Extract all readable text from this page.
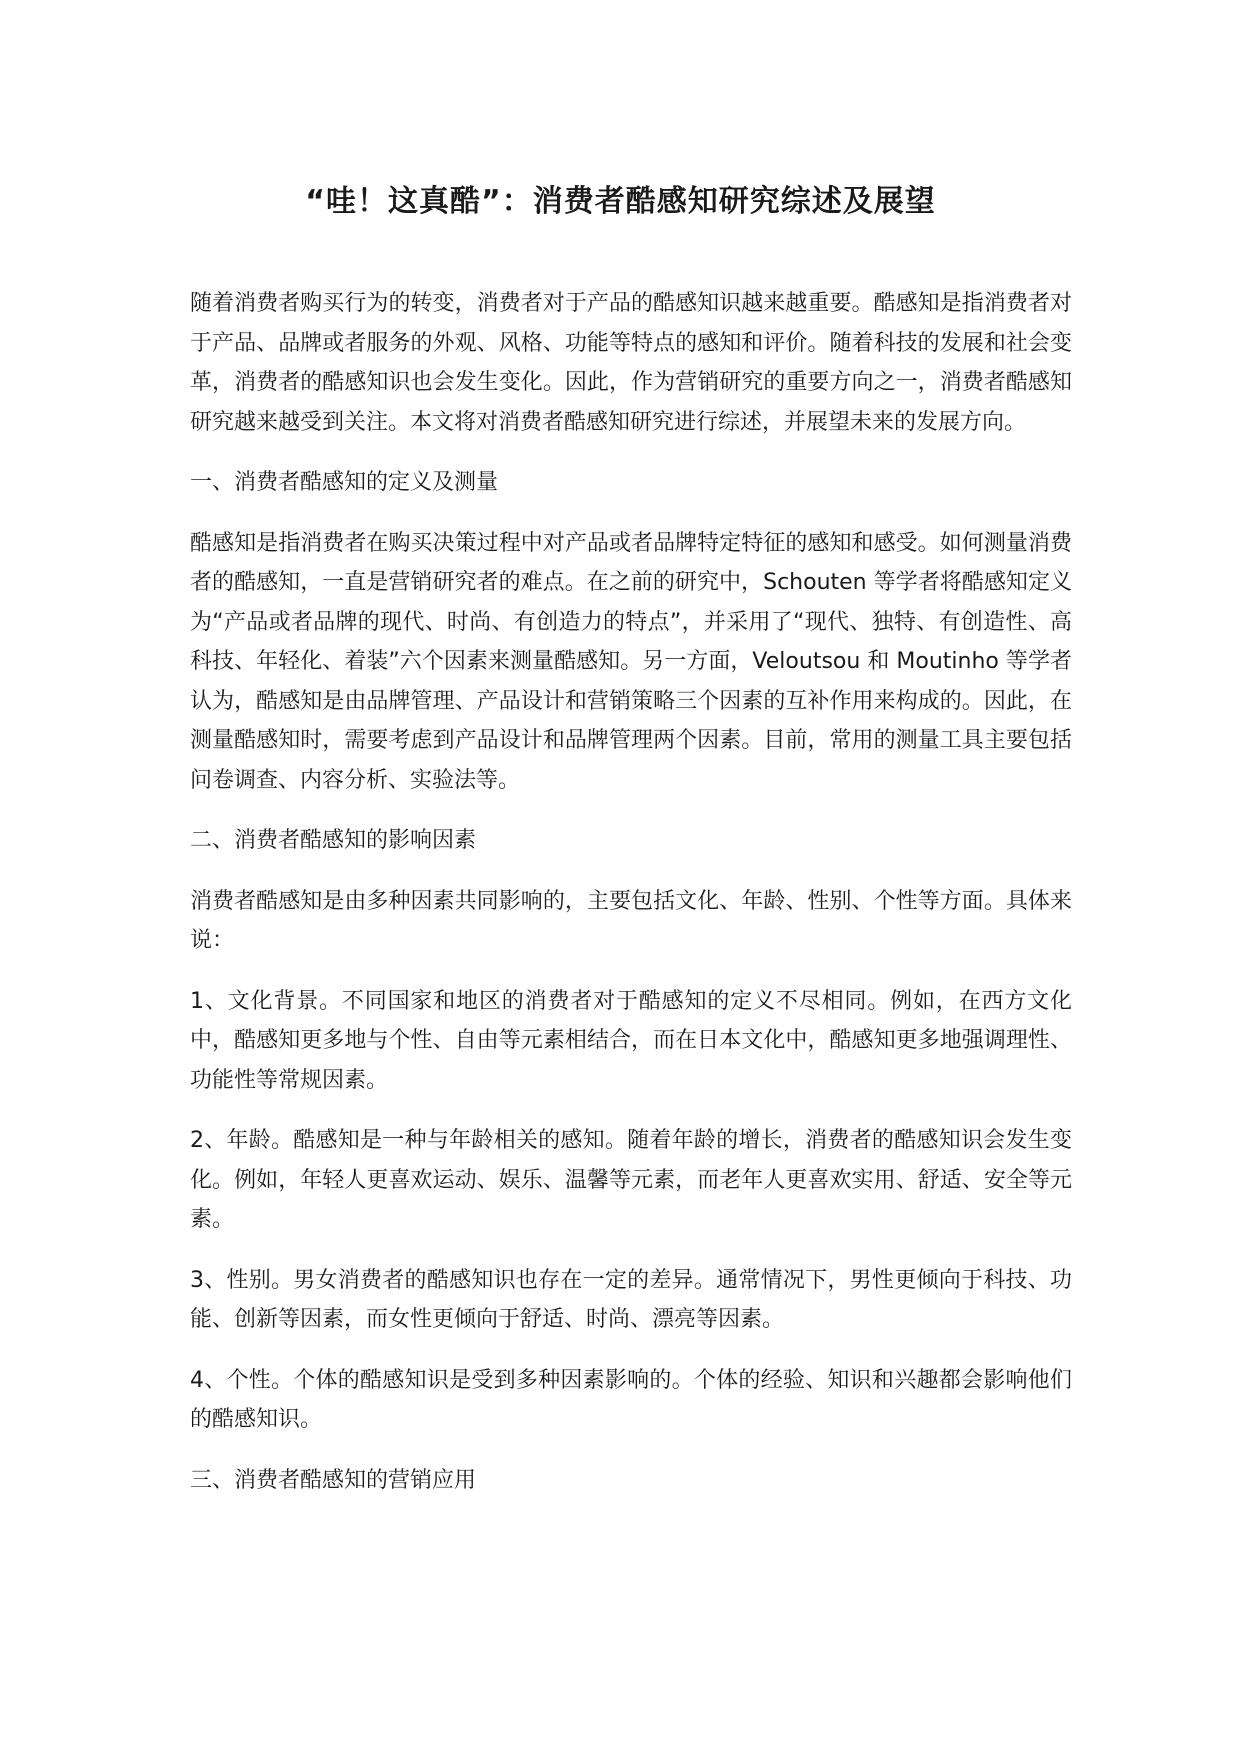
“哇！这真酷”：消费者酷感知研究综述及展望

随着消费者购买行为的转变，消费者对于产品的酷感知识越来越重要。酷感知是指消费者对于产品、品牌或者服务的外观、风格、功能等特点的感知和评价。随着科技的发展和社会变革，消费者的酷感知识也会发生变化。因此，作为营销研究的重要方向之一，消费者酷感知研究越来越受到关注。本文将对消费者酷感知研究进行综述，并展望未来的发展方向。

一、消费者酷感知的定义及测量

酷感知是指消费者在购买决策过程中对产品或者品牌特定特征的感知和感受。如何测量消费者的酷感知，一直是营销研究者的难点。在之前的研究中，Schouten 等学者将酷感知定义为“产品或者品牌的现代、时尚、有创造力的特点”，并采用了“现代、独特、有创造性、高科技、年轻化、着装”六个因素来测量酷感知。另一方面，Veloutsou 和 Moutinho 等学者认为，酷感知是由品牌管理、产品设计和营销策略三个因素的互补作用来构成的。因此，在测量酷感知时，需要考虑到产品设计和品牌管理两个因素。目前，常用的测量工具主要包括问卷调查、内容分析、实验法等。

二、消费者酷感知的影响因素

消费者酷感知是由多种因素共同影响的，主要包括文化、年龄、性别、个性等方面。具体来说：

1、文化背景。不同国家和地区的消费者对于酷感知的定义不尽相同。例如，在西方文化中，酷感知更多地与个性、自由等元素相结合，而在日本文化中，酷感知更多地强调理性、功能性等常规因素。

2、年龄。酷感知是一种与年龄相关的感知。随着年龄的增长，消费者的酷感知识会发生变化。例如，年轻人更喜欢运动、娱乐、温馨等元素，而老年人更喜欢实用、舒适、安全等元素。

3、性别。男女消费者的酷感知识也存在一定的差异。通常情况下，男性更倾向于科技、功能、创新等因素，而女性更倾向于舒适、时尚、漂亮等因素。

4、个性。个体的酷感知识是受到多种因素影响的。个体的经验、知识和兴趣都会影响他们的酷感知识。

三、消费者酷感知的营销应用
